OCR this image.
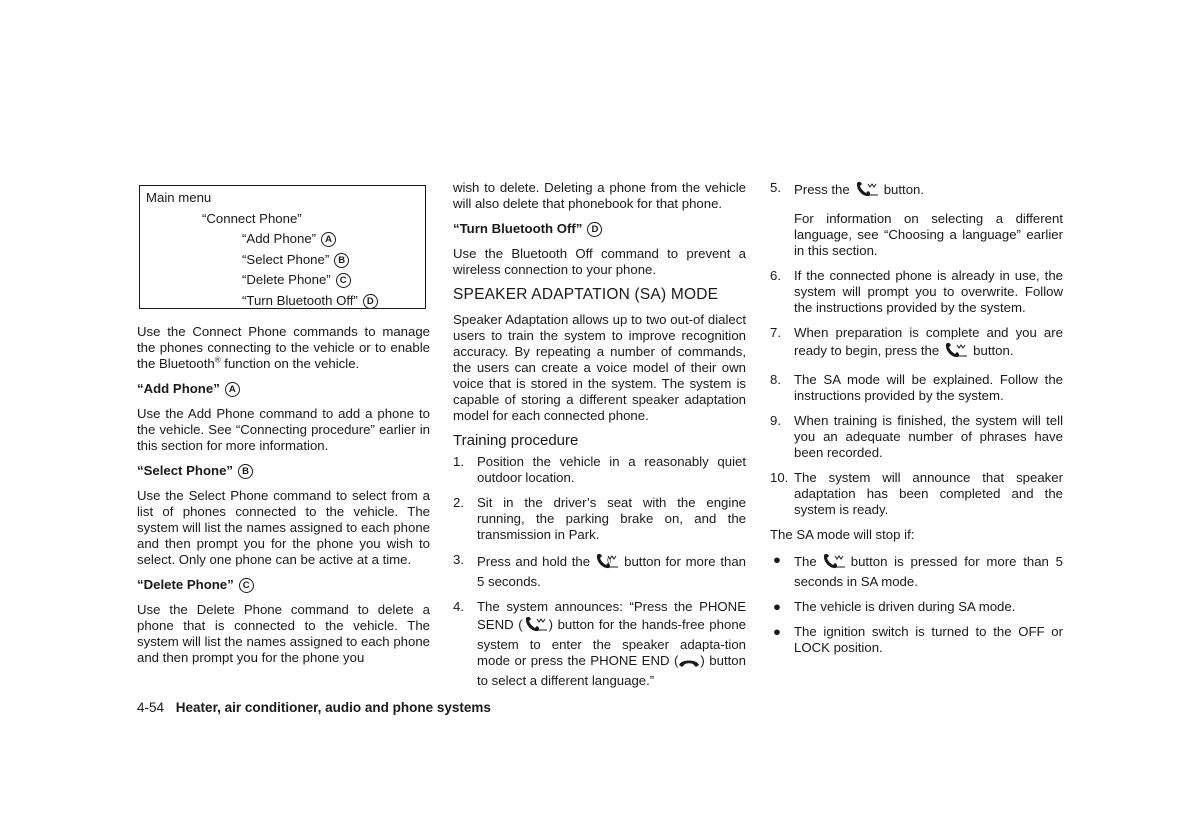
Main menu
“Connect Phone”
“Add Phone” A
“Select Phone” B
“Delete Phone” C
“Turn Bluetooth Off” D

Use the Connect Phone commands to manage the phones connecting to the vehicle or to enable the Bluetooth® function on the vehicle.

“Add Phone” A

Use the Add Phone command to add a phone to the vehicle. See “Connecting procedure” earlier in this section for more information.

“Select Phone” B

Use the Select Phone command to select from a list of phones connected to the vehicle. The system will list the names assigned to each phone and then prompt you for the phone you wish to select. Only one phone can be active at a time.

“Delete Phone” C

Use the Delete Phone command to delete a phone that is connected to the vehicle. The system will list the names assigned to each phone and then prompt you for the phone you

wish to delete. Deleting a phone from the vehicle will also delete that phonebook for that phone.

“Turn Bluetooth Off” D

Use the Bluetooth Off command to prevent a wireless connection to your phone.

SPEAKER ADAPTATION (SA) MODE

Speaker Adaptation allows up to two out-of dialect users to train the system to improve recognition accuracy. By repeating a number of commands, the users can create a voice model of their own voice that is stored in the system. The system is capable of storing a different speaker adaptation model for each connected phone.

Training procedure
1. Position the vehicle in a reasonably quiet outdoor location.
2. Sit in the driver’s seat with the engine running, the parking brake on, and the transmission in Park.
3. Press and hold the (( button for more than 5 seconds.
4. The system announces: “Press the PHONE SEND ( ) button for the hands-free phone system to enter the speaker adapta-tion mode or press the PHONE END ( ) button to select a different language.”
5. Press the	button.

For information on selecting a different language, see “Choosing a language” earlier in this section.

6. If the connected phone is already in use, the system will prompt you to overwrite. Follow the instructions provided by the system.
7. When preparation is complete and you are ready to begin, press the	button.
8. The SA mode will be explained. Follow the instructions provided by the system.
9. When training is finished, the system will tell you an adequate number of phrases have been recorded.
10. The system will announce that speaker adaptation has been completed and the system is ready.

The SA mode will stop if:

● The	button is pressed for more than 5 seconds in SA mode.
● The vehicle is driven during SA mode.
● The ignition switch is turned to the OFF or LOCK position.
4-54 Heater, air conditioner, audio and phone systems
